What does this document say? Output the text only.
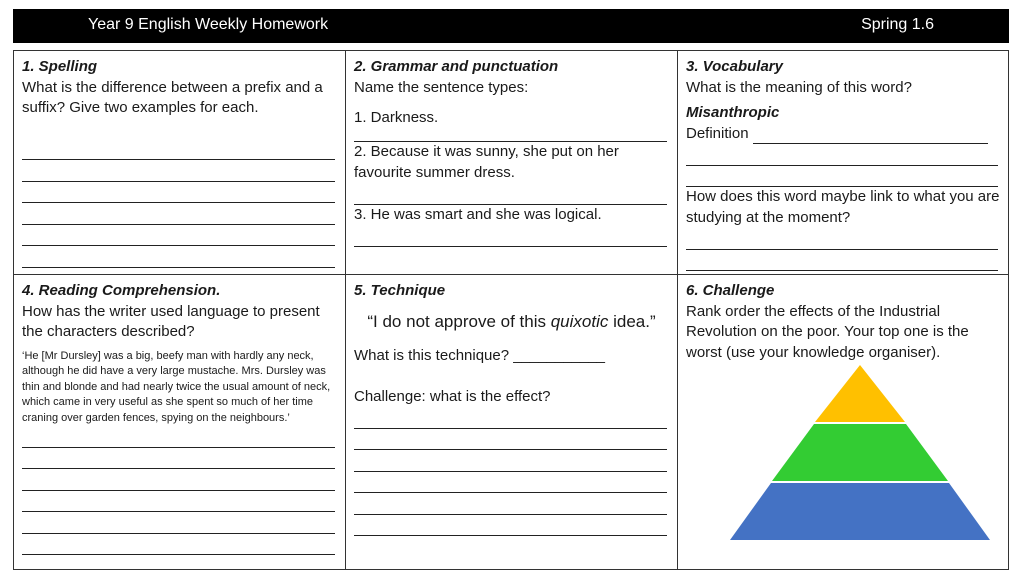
Year 9 English Weekly Homework	Spring 1.6
1. Spelling
What is the difference between a prefix and a suffix? Give two examples for each.
2. Grammar and punctuation
Name the sentence types:
1. Darkness.
2. Because it was sunny, she put on her favourite summer dress.
3. He was smart and she was logical.
3. Vocabulary
What is the meaning of this word?
Misanthropic
Definition
How does this word maybe link to what you are studying at the moment?
4. Reading Comprehension.
How has the writer used language to present the characters described?
‘He [Mr Dursley] was a big, beefy man with hardly any neck, although he did have a very large mustache. Mrs. Dursley was thin and blonde and had nearly twice the usual amount of neck, which came in very useful as she spent so much of her time craning over garden fences, spying on the neighbours.’
5. Technique
“I do not approve of this quixotic idea.”
What is this technique? ___________
Challenge: what is the effect?
6. Challenge
Rank order the effects of the Industrial Revolution on the poor. Your top one is the worst (use your knowledge organiser).
